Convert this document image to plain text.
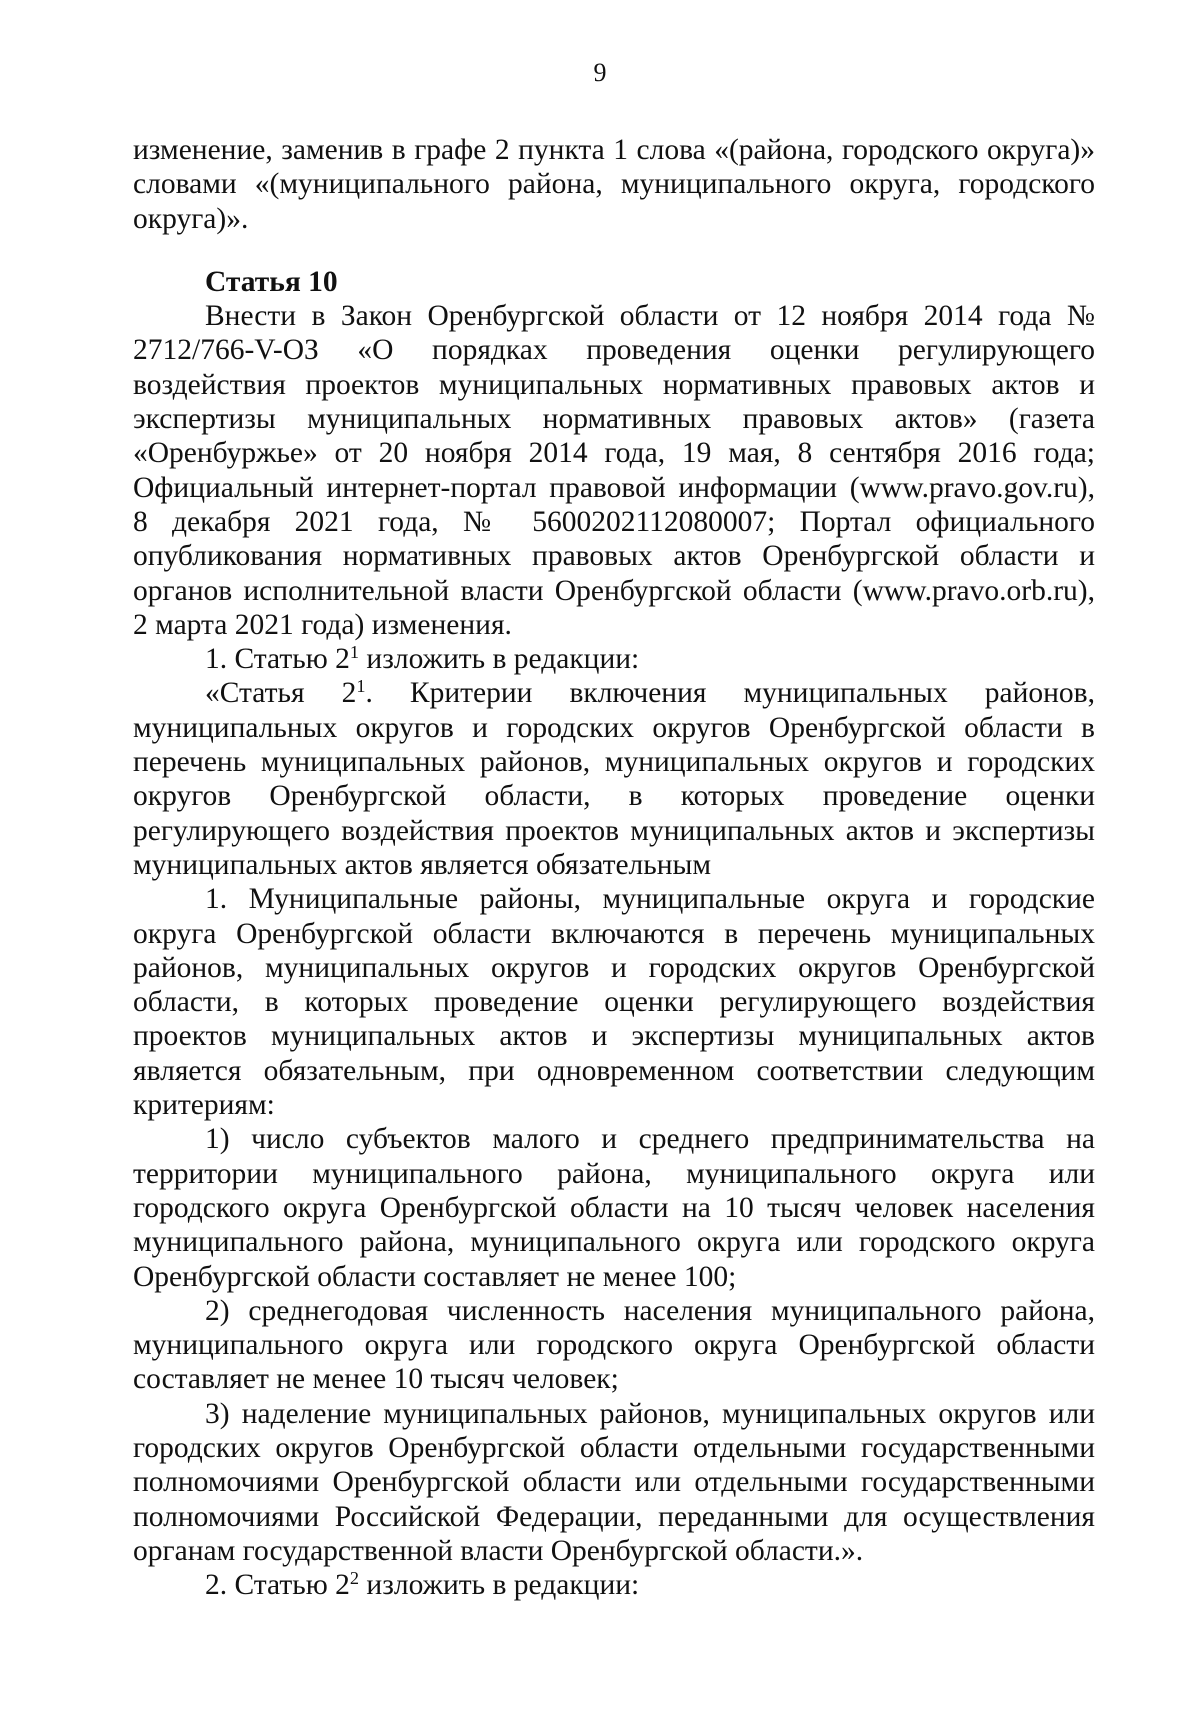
9

изменение, заменив в графе 2 пункта 1 слова «(района, городского округа)» словами «(муниципального района, муниципального округа, городского округа)».

Статья 10

Внести в Закон Оренбургской области от 12 ноября 2014 года № 2712/766-V-ОЗ «О порядках проведения оценки регулирующего воздействия проектов муниципальных нормативных правовых актов и экспертизы муниципальных нормативных правовых актов» (газета «Оренбуржье» от 20 ноября 2014 года, 19 мая, 8 сентября 2016 года; Официальный интернет-портал правовой информации (www.pravo.gov.ru), 8 декабря 2021 года, № 5600202112080007; Портал официального опубликования нормативных правовых актов Оренбургской области и органов исполнительной власти Оренбургской области (www.pravo.orb.ru), 2 марта 2021 года) изменения.

1. Статью $2^1$ изложить в редакции:

«Статья $2^1$. Критерии включения муниципальных районов, муниципальных округов и городских округов Оренбургской области в перечень муниципальных районов, муниципальных округов и городских округов Оренбургской области, в которых проведение оценки регулирующего воздействия проектов муниципальных актов и экспертизы муниципальных актов является обязательным

1. Муниципальные районы, муниципальные округа и городские округа Оренбургской области включаются в перечень муниципальных районов, муниципальных округов и городских округов Оренбургской области, в которых проведение оценки регулирующего воздействия проектов муниципальных актов и экспертизы муниципальных актов является обязательным, при одновременном соответствии следующим критериям:

1) число субъектов малого и среднего предпринимательства на территории муниципального района, муниципального округа или городского округа Оренбургской области на 10 тысяч человек населения муниципального района, муниципального округа или городского округа Оренбургской области составляет не менее 100;

2) среднегодовая численность населения муниципального района, муниципального округа или городского округа Оренбургской области составляет не менее 10 тысяч человек;

3) наделение муниципальных районов, муниципальных округов или городских округов Оренбургской области отдельными государственными полномочиями Оренбургской области или отдельными государственными полномочиями Российской Федерации, переданными для осуществления органам государственной власти Оренбургской области.».

2. Статью $2^2$ изложить в редакции:
